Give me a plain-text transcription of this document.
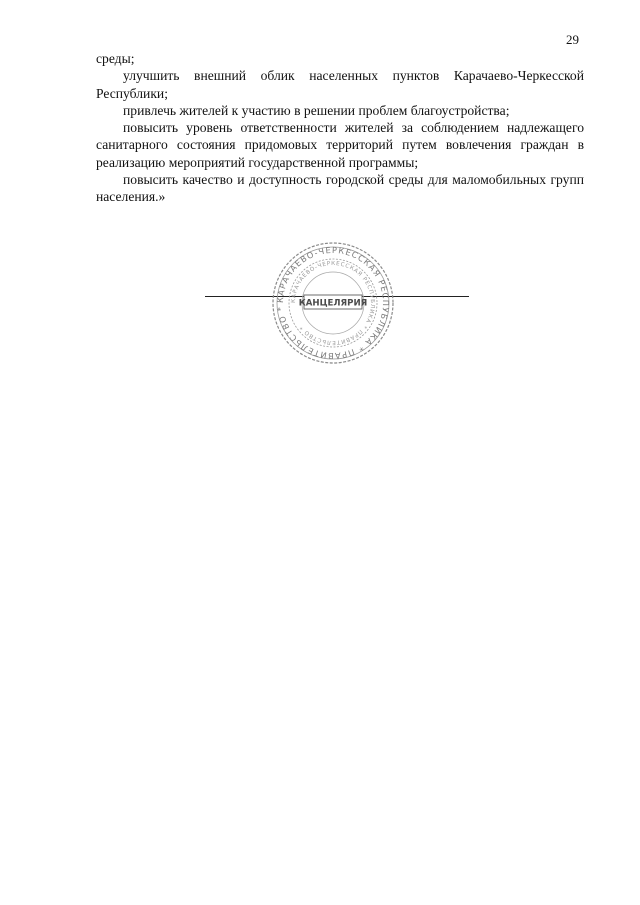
29

среды;

улучшить внешний облик населенных пунктов Карачаево-Черкесской Республики;

привлечь жителей к участию в решении проблем благоустройства;

повысить уровень ответственности жителей за соблюдением надлежащего санитарного состояния придомовых территорий путем вовлечения граждан в реализацию мероприятий государственной программы;

повысить качество и доступность городской среды для маломобильных групп населения.»

КАРАЧАЕВО-ЧЕРКЕССКАЯ РЕСПУБЛИКА * ПРАВИТЕЛЬСТВО *
КАРАЧАЕВО-ЧЕРКЕССКАЯ РЕСПУБЛИКА * ПРАВИТЕЛЬСТВО *
КАНЦЕЛЯРИЯ
